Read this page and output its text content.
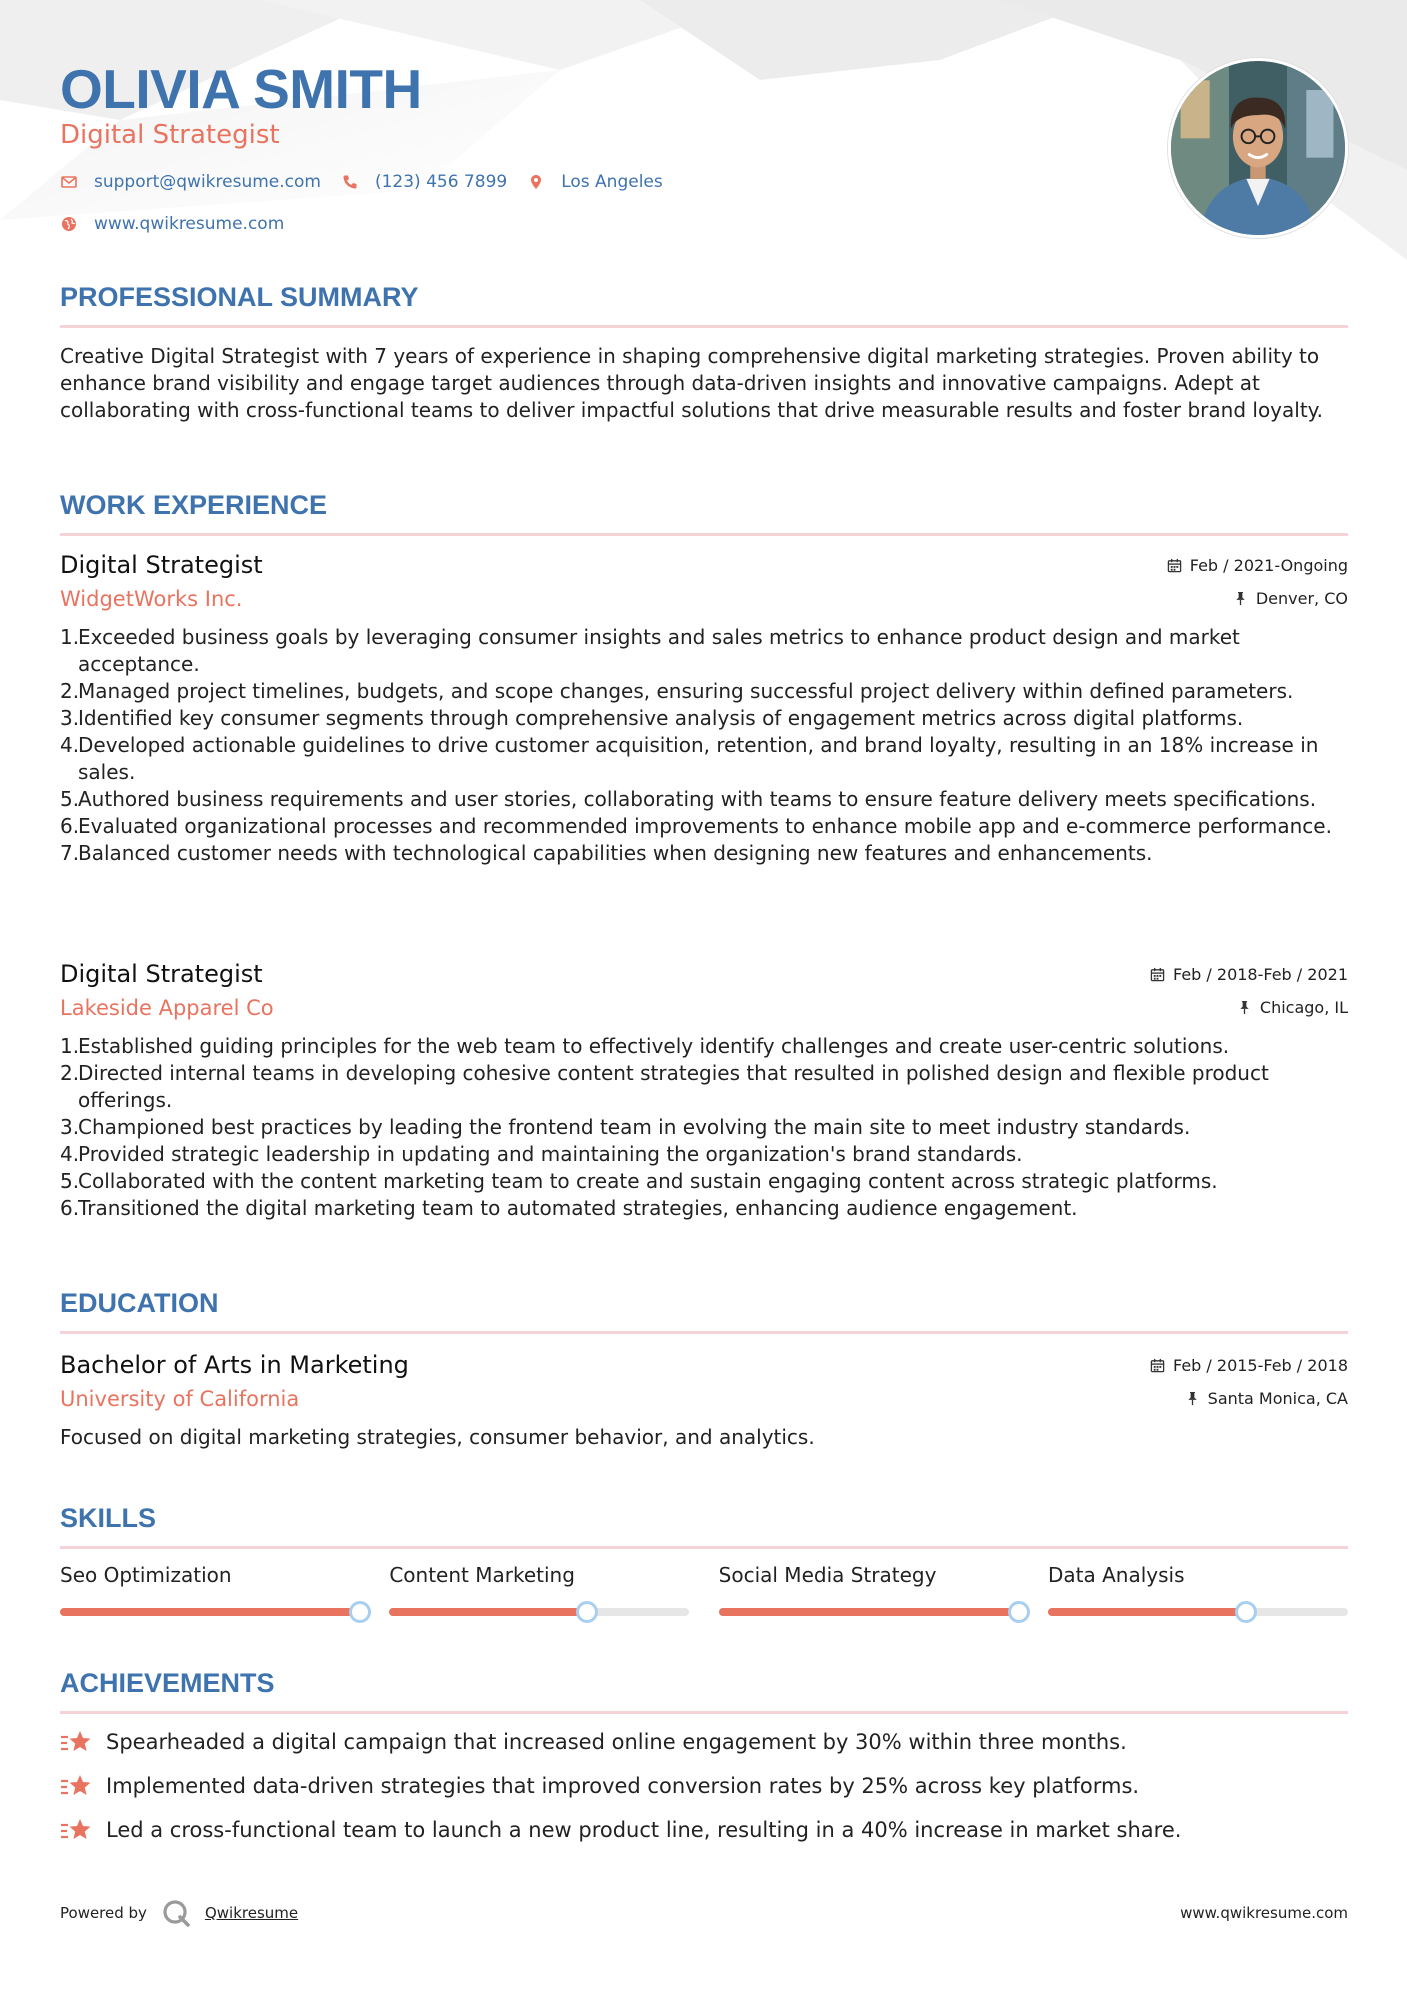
OLIVIA SMITH
Digital Strategist
support@qwikresume.com	(123) 456 7899	Los Angeles
www.qwikresume.com
PROFESSIONAL SUMMARY

Creative Digital Strategist with 7 years of experience in shaping comprehensive digital marketing strategies. Proven ability to enhance brand visibility and engage target audiences through data-driven insights and innovative campaigns. Adept at collaborating with cross-functional teams to deliver impactful solutions that drive measurable results and foster brand loyalty.

WORK EXPERIENCE
Digital Strategist	Feb / 2021-Ongoing
WidgetWorks Inc.	Denver, CO
1.
Exceeded business goals by leveraging consumer insights and sales metrics to enhance product design and market acceptance.
2.
Managed project timelines, budgets, and scope changes, ensuring successful project delivery within defined parameters.
3.
Identified key consumer segments through comprehensive analysis of engagement metrics across digital platforms.
4.
Developed actionable guidelines to drive customer acquisition, retention, and brand loyalty, resulting in an 18% increase in sales.
5.
Authored business requirements and user stories, collaborating with teams to ensure feature delivery meets specifications.
6.
Evaluated organizational processes and recommended improvements to enhance mobile app and e-commerce performance.
7.
Balanced customer needs with technological capabilities when designing new features and enhancements.
Digital Strategist	Feb / 2018-Feb / 2021
Lakeside Apparel Co	Chicago, IL
1.
Established guiding principles for the web team to effectively identify challenges and create user-centric solutions.
2.
Directed internal teams in developing cohesive content strategies that resulted in polished design and flexible product offerings.
3.
Championed best practices by leading the frontend team in evolving the main site to meet industry standards.
4.
Provided strategic leadership in updating and maintaining the organization's brand standards.
5.
Collaborated with the content marketing team to create and sustain engaging content across strategic platforms.
6.
Transitioned the digital marketing team to automated strategies, enhancing audience engagement.
EDUCATION
Bachelor of Arts in Marketing	Feb / 2015-Feb / 2018
University of California	Santa Monica, CA

Focused on digital marketing strategies, consumer behavior, and analytics.

SKILLS
Seo Optimization	Content Marketing	Social Media Strategy	Data Analysis
ACHIEVEMENTS
Spearheaded a digital campaign that increased online engagement by 30% within three months.
Implemented data-driven strategies that improved conversion rates by 25% across key platforms.
Led a cross-functional team to launch a new product line, resulting in a 40% increase in market share.
Powered by	Qwikresume	www.qwikresume.com
